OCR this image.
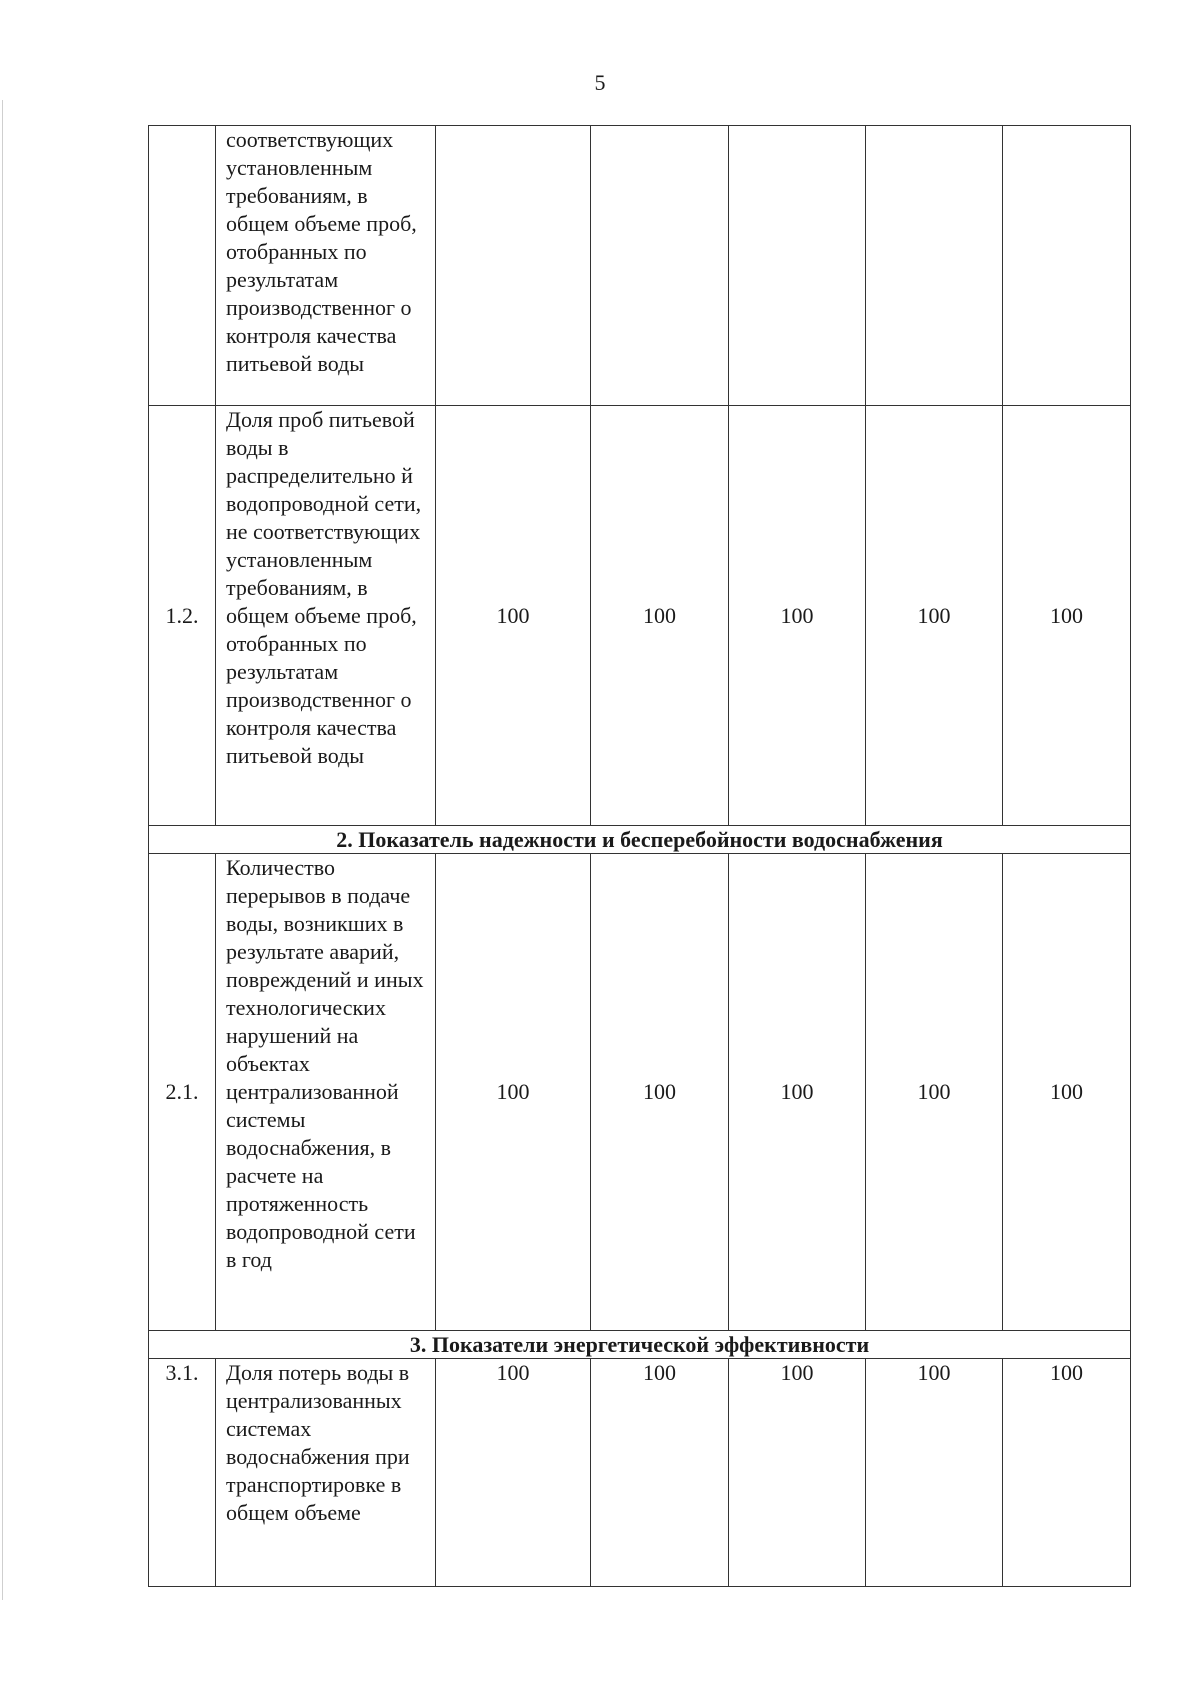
5
	соответствующих установленным требованиям, в общем объеме проб, отобранных по результатам производственног о контроля качества питьевой воды					
1.2.	Доля проб питьевой воды в распределительно й водопроводной сети, не соответствующих установленным требованиям, в общем объеме проб, отобранных по результатам производственног о контроля качества питьевой воды	100	100	100	100	100
2. Показатель надежности и бесперебойности водоснабжения						
2.1.	Количество перерывов в подаче воды, возникших в результате аварий, повреждений и иных технологических нарушений на объектах централизованной системы водоснабжения, в расчете на протяженность водопроводной сети в год	100	100	100	100	100
3. Показатели энергетической эффективности						
3.1.	Доля потерь воды в централизованных системах водоснабжения при транспортировке в общем объеме	100	100	100	100	100
